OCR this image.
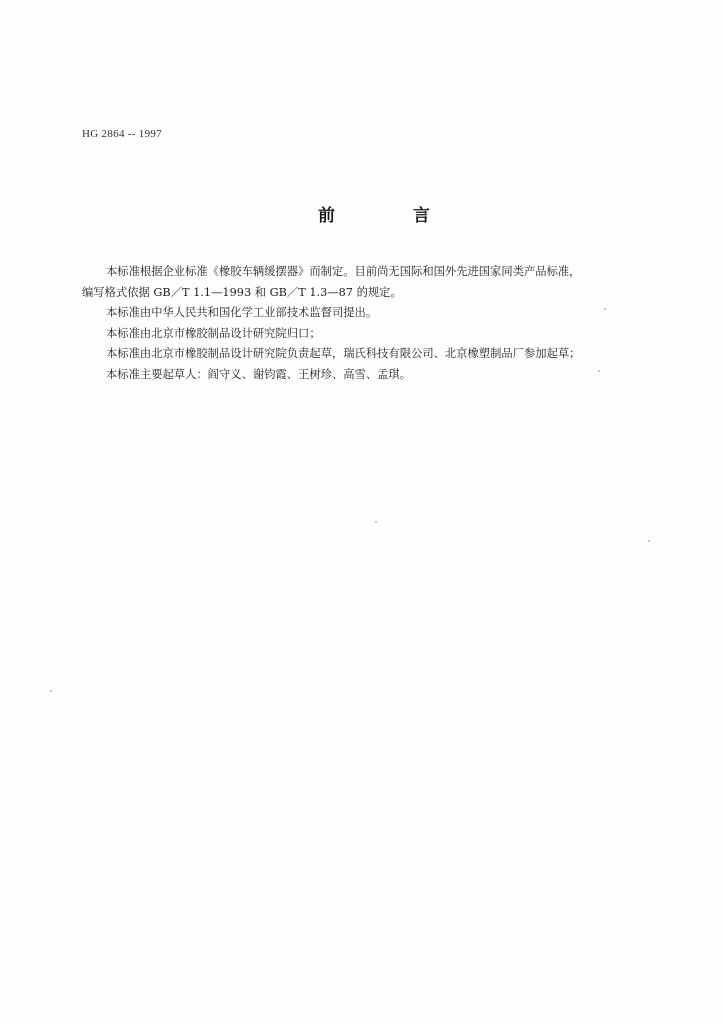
HG 2864 -- 1997
前 言

本标准根据企业标准《橡胶车辆缓摆器》而制定。目前尚无国际和国外先进国家同类产品标准，

编写格式依据 GB／T 1.1—1993 和 GB／T 1.3—87 的规定。

本标准由中华人民共和国化学工业部技术监督司提出。

本标准由北京市橡胶制品设计研究院归口；

本标准由北京市橡胶制品设计研究院负责起草，瑞氏科技有限公司、北京橡塑制品厂参加起草；

本标准主要起草人：阎守义、谢钧霞、王树珍、高雪、孟琪。
